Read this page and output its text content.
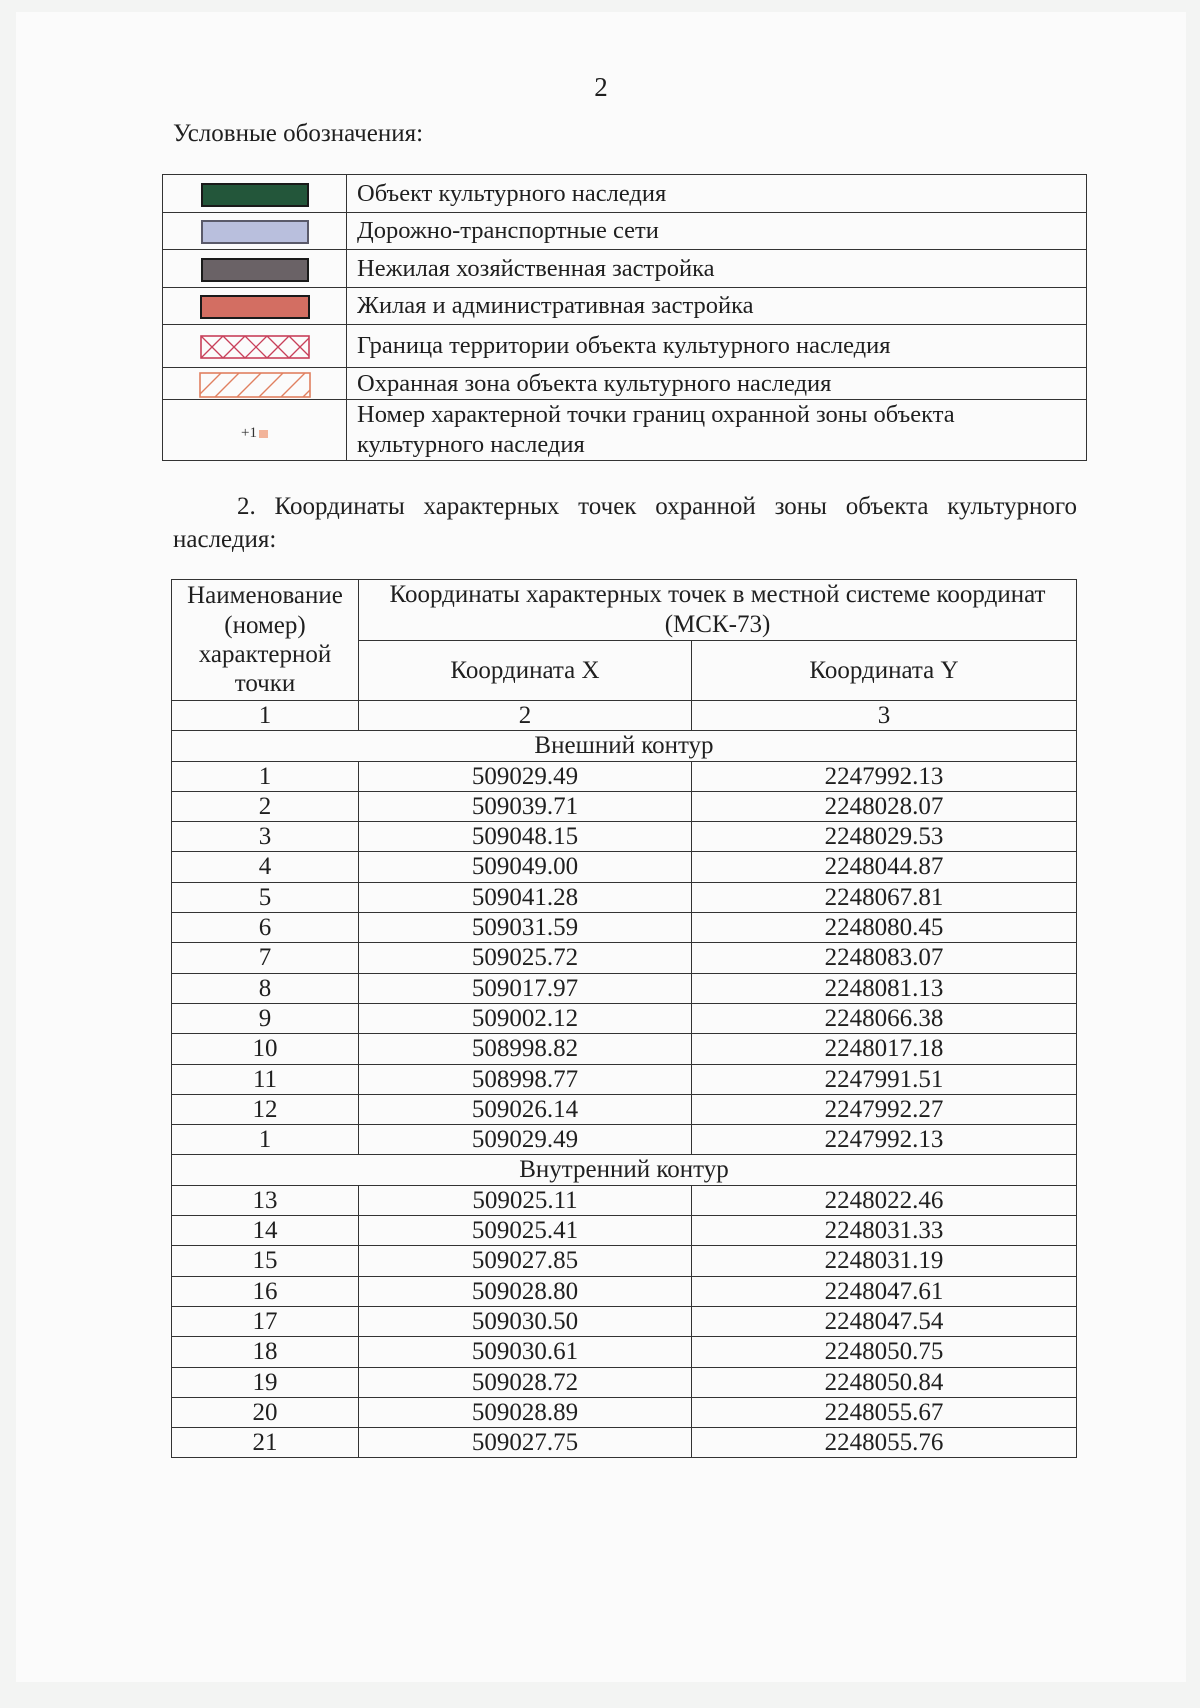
2
Условные обозначения:
	Объект культурного наследия
	Дорожно-транспортные сети
	Нежилая хозяйственная застройка
	Жилая и административная застройка

	Граница территории объекта культурного наследия

	Охранная зона объекта культурного наследия

+1	Номер характерной точки границ охранной зоны объекта культурного наследия
2. Координаты характерных точек охранной зоны объекта культурного наследия:
Наименование (номер) характерной точки	Координаты характерных точек в местной системе координат (МСК-73)	
	Координата X	Координата Y
1	2	3
Внешний контур		
1	509029.49	2247992.13
2	509039.71	2248028.07
3	509048.15	2248029.53
4	509049.00	2248044.87
5	509041.28	2248067.81
6	509031.59	2248080.45
7	509025.72	2248083.07
8	509017.97	2248081.13
9	509002.12	2248066.38
10	508998.82	2248017.18
11	508998.77	2247991.51
12	509026.14	2247992.27
1	509029.49	2247992.13
Внутренний контур		
13	509025.11	2248022.46
14	509025.41	2248031.33
15	509027.85	2248031.19
16	509028.80	2248047.61
17	509030.50	2248047.54
18	509030.61	2248050.75
19	509028.72	2248050.84
20	509028.89	2248055.67
21	509027.75	2248055.76
